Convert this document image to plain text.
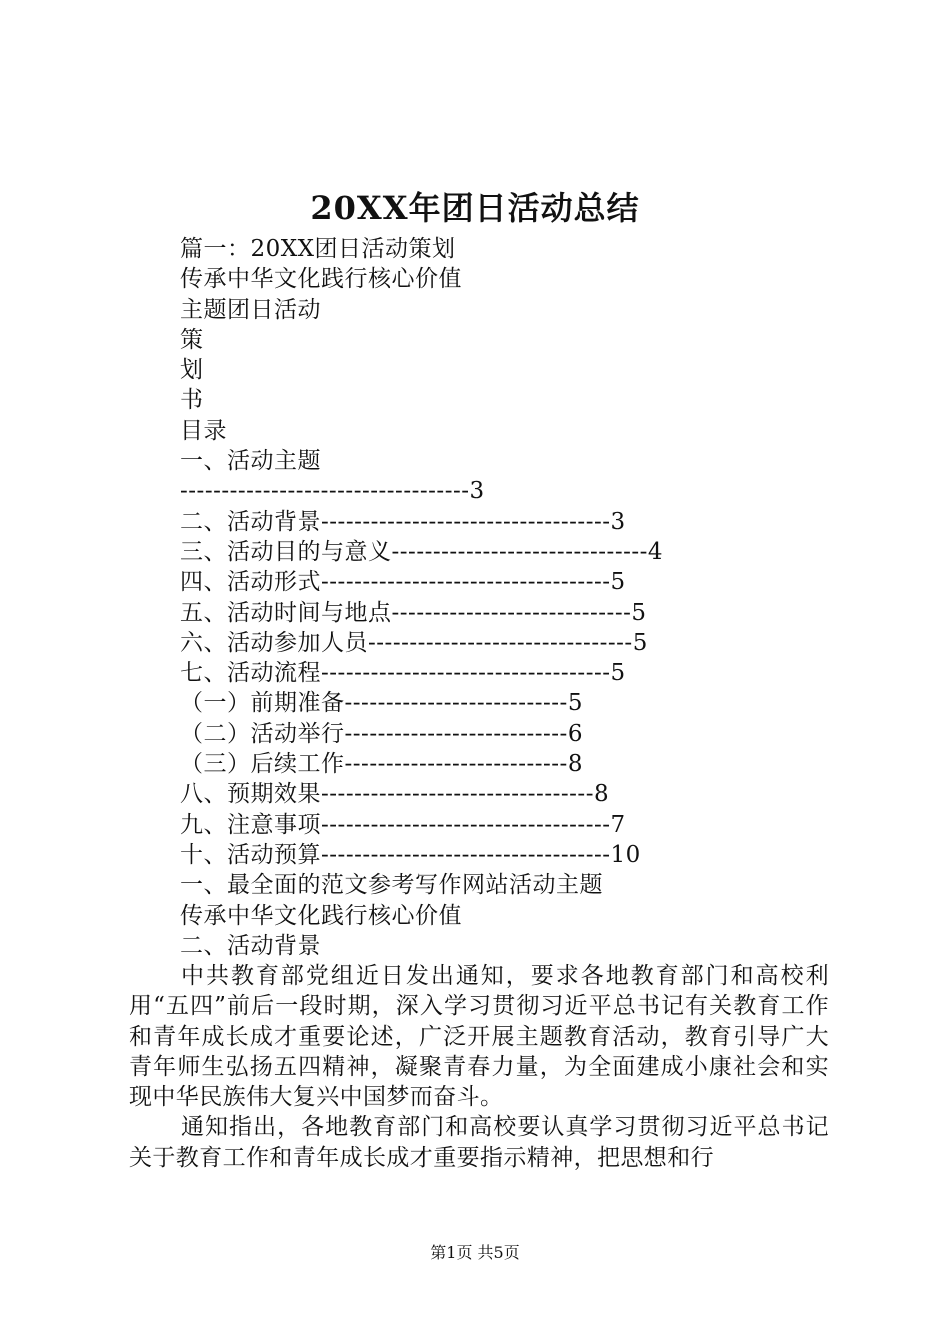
20XX年团日活动总结
篇一：20XX团日活动策划
传承中华文化践行核心价值
主题团日活动
策
划
书
目录
一、活动主题
-----------------------------------3
二、活动背景-----------------------------------3
三、活动目的与意义-------------------------------4
四、活动形式-----------------------------------5
五、活动时间与地点-----------------------------5
六、活动参加人员--------------------------------5
七、活动流程-----------------------------------5
（一）前期准备---------------------------5
（二）活动举行---------------------------6
（三）后续工作---------------------------8
八、预期效果---------------------------------8
九、注意事项-----------------------------------7
十、活动预算-----------------------------------10
一、最全面的范文参考写作网站活动主题
传承中华文化践行核心价值
二、活动背景

中共教育部党组近日发出通知，要求各地教育部门和高校利用“五四”前后一段时期，深入学习贯彻习近平总书记有关教育工作和青年成长成才重要论述，广泛开展主题教育活动，教育引导广大青年师生弘扬五四精神，凝聚青春力量，为全面建成小康社会和实现中华民族伟大复兴中国梦而奋斗。

通知指出，各地教育部门和高校要认真学习贯彻习近平总书记关于教育工作和青年成长成才重要指示精神，把思想和行

第1页 共5页
